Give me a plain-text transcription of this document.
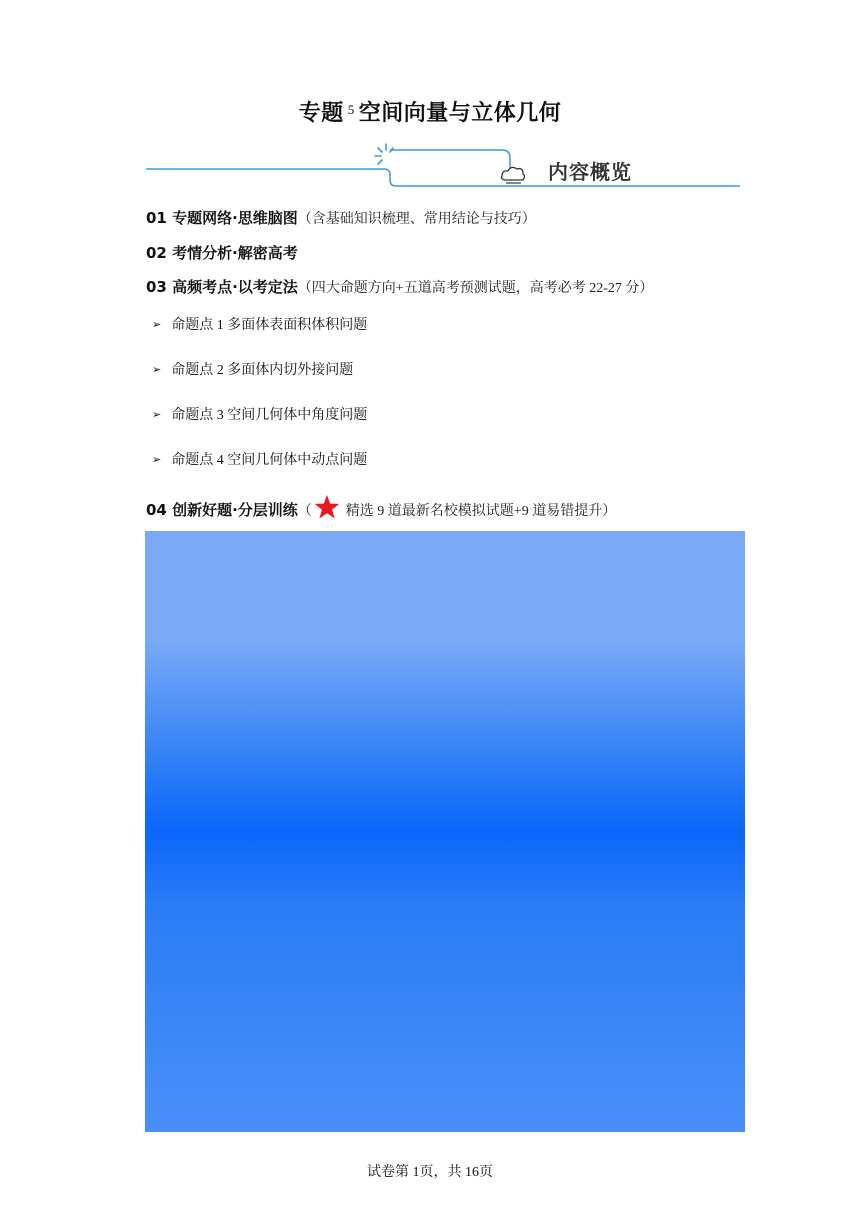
专题 $^5$ 空间向量与立体几何
内容概览
01 专题网络·思维脑图（含基础知识梳理、常用结论与技巧）
02 考情分析·解密高考
03 高频考点·以考定法（四大命题方向+五道高考预测试题，高考必考 22-27 分）
➢ 命题点 1 多面体表面积体积问题
➢ 命题点 2 多面体内切外接问题
➢ 命题点 3 空间几何体中角度问题
➢ 命题点 4 空间几何体中动点问题
04 创新好题·分层训练（ 精选 9 道最新名校模拟试题+9 道易错提升）
试卷第 1页，共 16页
